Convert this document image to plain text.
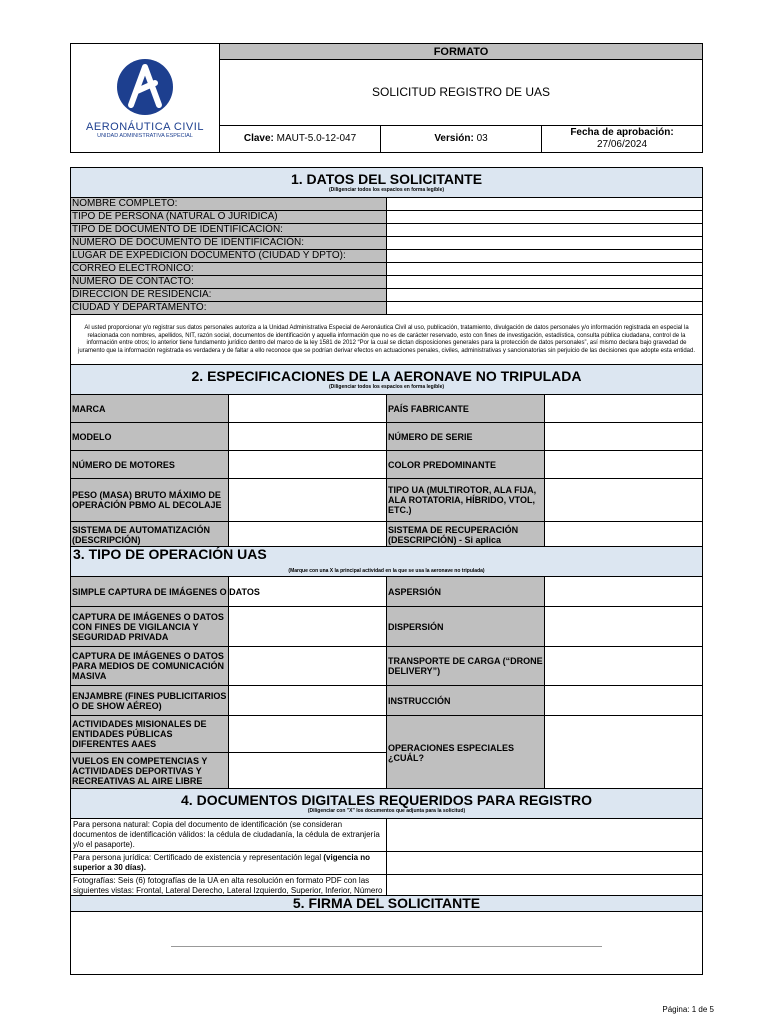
AERONÁUTICA CIVIL
UNIDAD ADMINISTRATIVA ESPECIAL	FORMATO		
	SOLICITUD REGISTRO DE UAS		
	Clave: MAUT-5.0-12-047	Versión: 03	Fecha de aprobación:
27/06/2024
1. DATOS DEL SOLICITANTE
(Diligenciar todos los espacios en forma legible)	

NOMBRE COMPLETO:	
TIPO DE PERSONA (NATURAL O JURÍDICA)	
TIPO DE DOCUMENTO DE IDENTIFICACIÓN:	
NÚMERO DE DOCUMENTO DE IDENTIFICACIÓN:	
LUGAR DE EXPEDICIÓN DOCUMENTO (CIUDAD Y DPTO):	
CORREO ELECTRÓNICO:	
NÚMERO DE CONTACTO:	
DIRECCIÓN DE RESIDENCIA:	
CIUDAD Y DEPARTAMENTO:	
Al usted proporcionar y/o registrar sus datos personales autoriza a la Unidad Administrativa Especial de Aeronáutica Civil al uso, publicación, tratamiento, divulgación de datos personales y/o información registrada en especial la relacionada con nombres, apellidos, NIT, razón social, documentos de identificación y aquella información que no es de carácter reservado, esto con fines de investigación, estadística, consulta pública ciudadana, control de la información entre otros; lo anterior tiene fundamento jurídico dentro del marco de la ley 1581 de 2012 “Por la cual se dictan disposiciones generales para la protección de datos personales”, así mismo declara bajo gravedad de juramento que la información registrada es verdadera y de faltar a ello reconoce que se podrían derivar efectos en actuaciones penales, civiles, administrativas y sancionatorias sin perjuicio de las decisiones que adopte esta entidad.	
2. ESPECIFICACIONES DE LA AERONAVE NO TRIPULADA
(Diligenciar todos los espacios en forma legible)			

MARCA		PAÍS FABRICANTE	
MODELO		NÚMERO DE SERIE	
NÚMERO DE MOTORES		COLOR PREDOMINANTE	
PESO (MASA) BRUTO MÁXIMO DE OPERACIÓN PBMO AL DECOLAJE		TIPO UA (MULTIROTOR, ALA FIJA, ALA ROTATORIA, HÍBRIDO, VTOL, ETC.)	
SISTEMA DE AUTOMATIZACIÓN (DESCRIPCIÓN)		SISTEMA DE RECUPERACIÓN (DESCRIPCIÓN) - Si aplica	
3. TIPO DE OPERACIÓN UAS
(Marque con una X la principal actividad en la que se usa la aeronave no tripulada)			

SIMPLE CAPTURA DE IMÁGENES O DATOS		ASPERSIÓN	
CAPTURA DE IMÁGENES O DATOS CON FINES DE VIGILANCIA Y SEGURIDAD PRIVADA		DISPERSIÓN	
CAPTURA DE IMÁGENES O DATOS PARA MEDIOS DE COMUNICACIÓN MASIVA		TRANSPORTE DE CARGA (“DRONE DELIVERY”)	
ENJAMBRE (FINES PUBLICITARIOS O DE SHOW AÉREO)		INSTRUCCIÓN	
ACTIVIDADES MISIONALES DE ENTIDADES PÚBLICAS DIFERENTES AAES		OPERACIONES ESPECIALES ¿CUÁL?	
VUELOS EN COMPETENCIAS Y ACTIVIDADES DEPORTIVAS Y RECREATIVAS AL AIRE LIBRE			
4. DOCUMENTOS DIGITALES REQUERIDOS PARA REGISTRO
(Diligenciar con "X" los documentos que adjunta para la solicitud)	

Para persona natural: Copia del documento de identificación (se consideran documentos de identificación válidos: la cédula de ciudadanía, la cédula de extranjería y/o el pasaporte).	
Para persona jurídica: Certificado de existencia y representación legal (vigencia no superior a 30 días).	
Fotografías: Seis (6) fotografías de la UA en alta resolución en formato PDF con las siguientes vistas: Frontal, Lateral Derecho, Lateral Izquierdo, Superior, Inferior, Número	
5. FIRMA DEL SOLICITANTE

Página: 1 de 5
